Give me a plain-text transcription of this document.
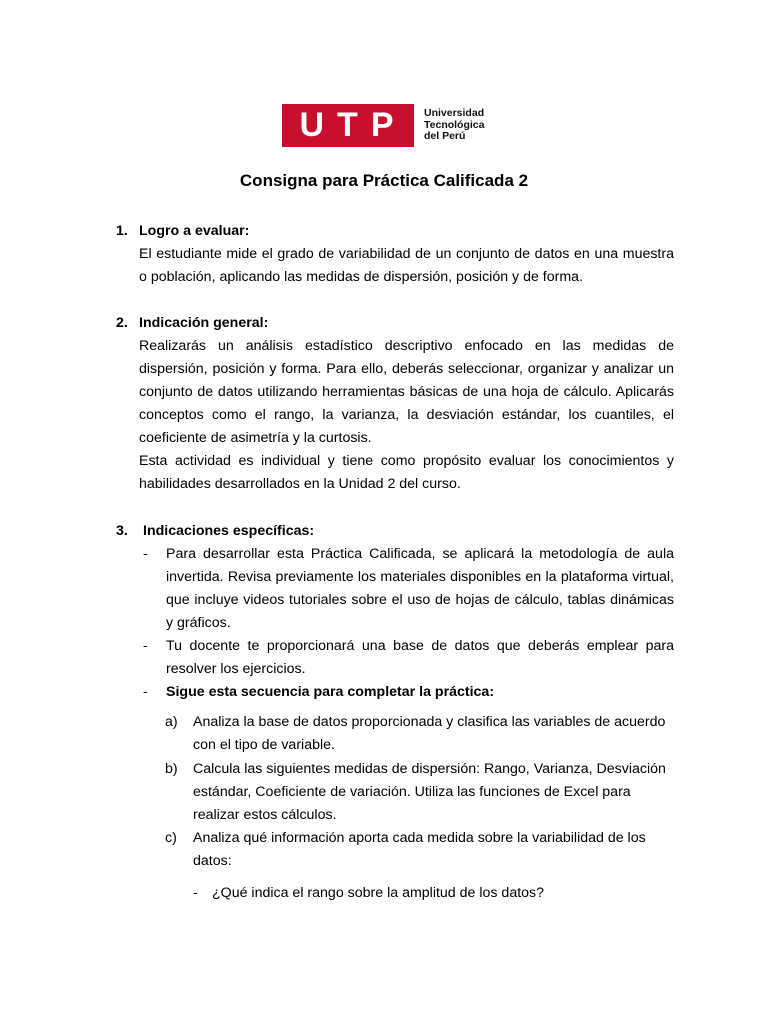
UTP	Universidad
Tecnológica
del Perú
Consigna para Práctica Calificada 2
1. Logro a evaluar:

El estudiante mide el grado de variabilidad de un conjunto de datos en una muestra o población, aplicando las medidas de dispersión, posición y de forma.

2. Indicación general:

Realizarás un análisis estadístico descriptivo enfocado en las medidas de dispersión, posición y forma. Para ello, deberás seleccionar, organizar y analizar un conjunto de datos utilizando herramientas básicas de una hoja de cálculo. Aplicarás conceptos como el rango, la varianza, la desviación estándar, los cuantiles, el coeficiente de asimetría y la curtosis.

Esta actividad es individual y tiene como propósito evaluar los conocimientos y habilidades desarrollados en la Unidad 2 del curso.

3. Indicaciones específicas:
- Para desarrollar esta Práctica Calificada, se aplicará la metodología de aula invertida. Revisa previamente los materiales disponibles en la plataforma virtual, que incluye videos tutoriales sobre el uso de hojas de cálculo, tablas dinámicas y gráficos.
- Tu docente te proporcionará una base de datos que deberás emplear para resolver los ejercicios.
- Sigue esta secuencia para completar la práctica:
a) Analiza la base de datos proporcionada y clasifica las variables de acuerdo con el tipo de variable.
b) Calcula las siguientes medidas de dispersión: Rango, Varianza, Desviación estándar, Coeficiente de variación. Utiliza las funciones de Excel para realizar estos cálculos.
c) Analiza qué información aporta cada medida sobre la variabilidad de los datos:
- ¿Qué indica el rango sobre la amplitud de los datos?
